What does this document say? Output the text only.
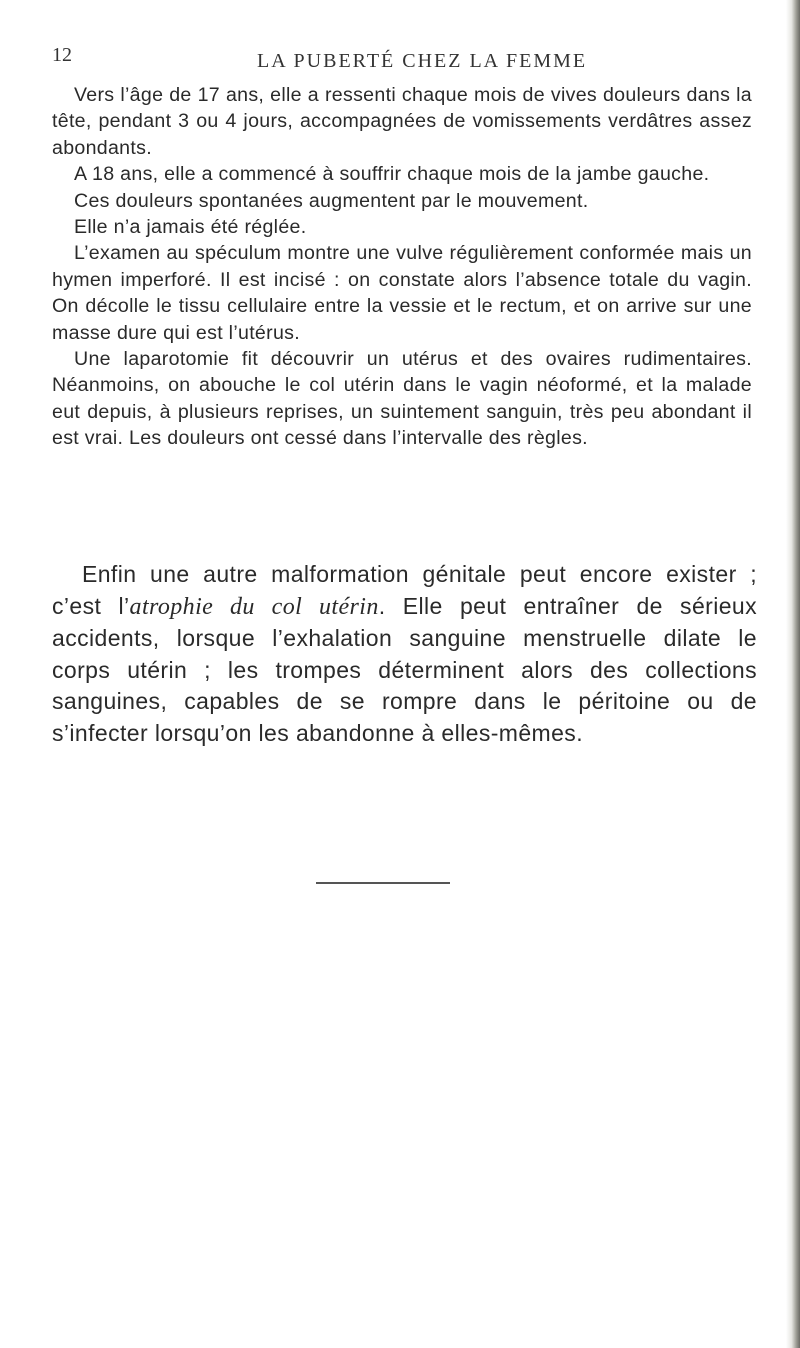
12	LA PUBERTÉ CHEZ LA FEMME

Vers l’âge de 17 ans, elle a ressenti chaque mois de vives douleurs dans la tête, pendant 3 ou 4 jours, accompagnées de vomissements verdâtres assez abondants.

A 18 ans, elle a commencé à souffrir chaque mois de la jambe gauche.

Ces douleurs spontanées augmentent par le mouvement.

Elle n’a jamais été réglée.

L’examen au spéculum montre une vulve régulièrement conformée mais un hymen imperforé. Il est incisé : on constate alors l’absence totale du vagin. On décolle le tissu cellulaire entre la vessie et le rectum, et on arrive sur une masse dure qui est l’utérus.

Une laparotomie fit découvrir un utérus et des ovaires rudimentaires. Néanmoins, on abouche le col utérin dans le vagin néoformé, et la malade eut depuis, à plusieurs reprises, un suintement sanguin, très peu abondant il est vrai. Les douleurs ont cessé dans l’intervalle des règles.

Enfin une autre malformation génitale peut encore exister ; c’est l’atrophie du col utérin. Elle peut entraîner de sérieux accidents, lorsque l’exhalation sanguine menstruelle dilate le corps utérin ; les trompes déterminent alors des collections sanguines, capables de se rompre dans le péritoine ou de s’infecter lorsqu’on les abandonne à elles-mêmes.
